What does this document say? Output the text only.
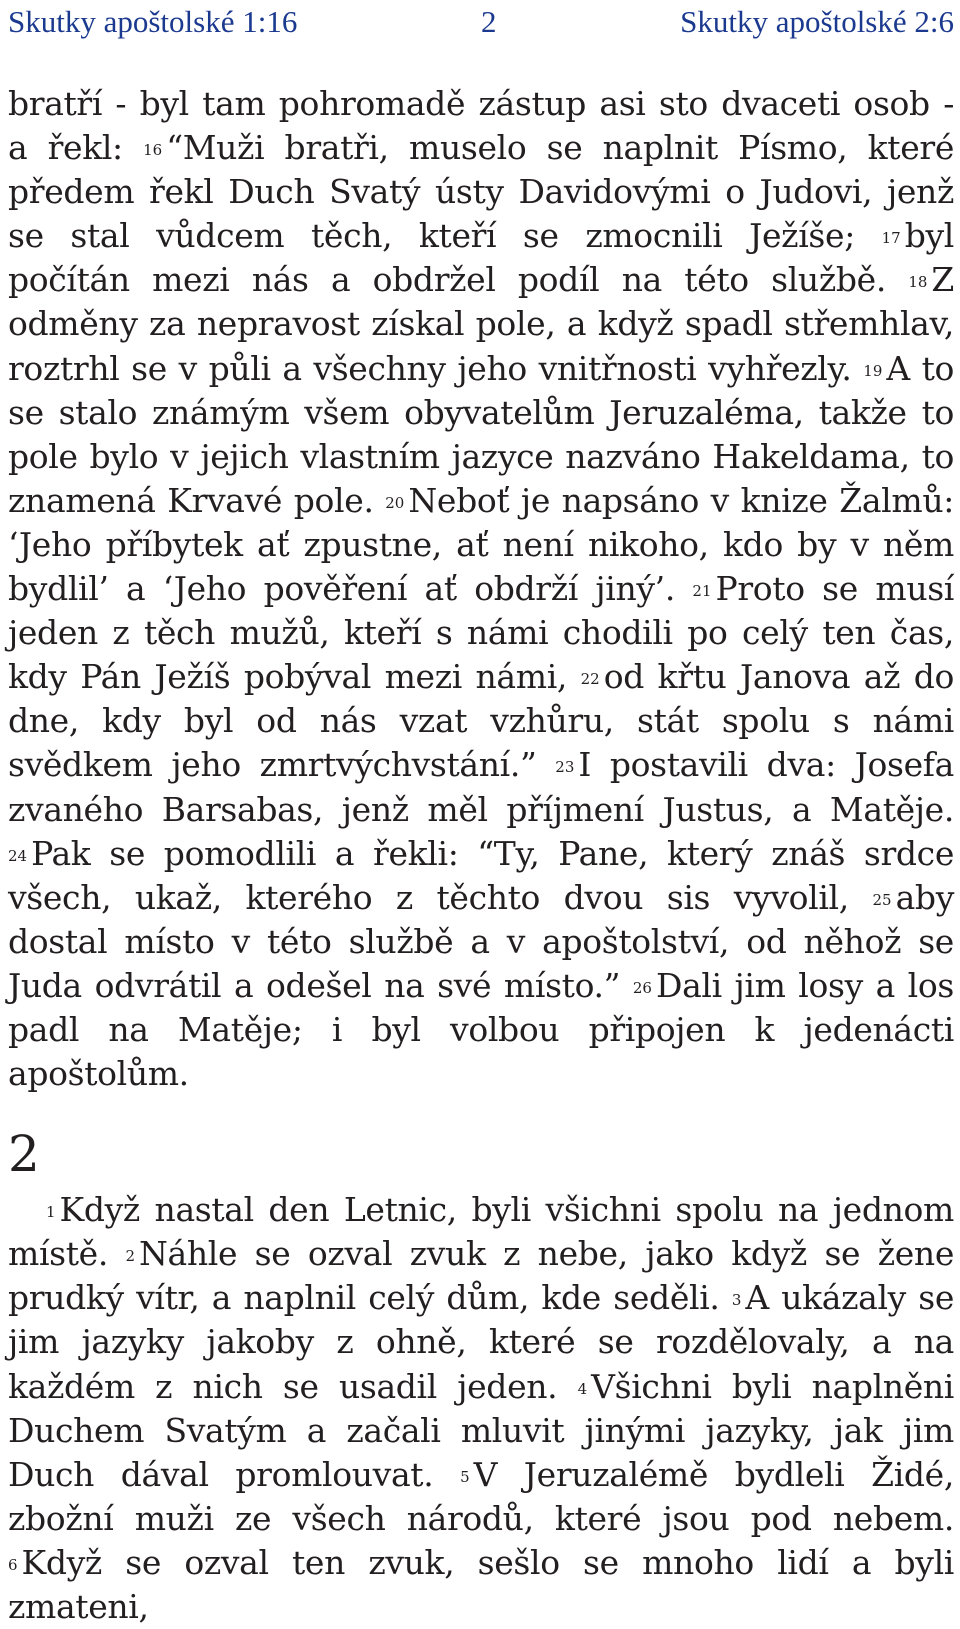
Skutky apoštolské 1:16	2	Skutky apoštolské 2:6

bratří - byl tam pohromadě zástup asi sto dvaceti osob - a řekl: $^{16}$ “Muži bratři, muselo se naplnit Písmo, které předem řekl Duch Svatý ústy Davidovými o Judovi, jenž se stal vůdcem těch, kteří se zmocnili Ježíše; $^{17}$ byl počítán mezi nás a obdržel podíl na této službě. $^{18}$ Z odměny za nepravost získal pole, a když spadl střemhlav, roztrhl se v půli a všechny jeho vnitřnosti vyhřezly. $^{19}$ A to se stalo známým všem obyvatelům Jeruzaléma, takže to pole bylo v jejich vlastním jazyce nazváno Hakeldama, to znamená Krvavé pole. $^{20}$ Neboť je napsáno v knize Žalmů: ‘Jeho příbytek ať zpustne, ať není nikoho, kdo by v něm bydlil’ a ‘Jeho pověření ať obdrží jiný’. $^{21}$ Proto se musí jeden z těch mužů, kteří s námi chodili po celý ten čas, kdy Pán Ježíš pobýval mezi námi, $^{22}$ od křtu Janova až do dne, kdy byl od nás vzat vzhůru, stát spolu s námi svědkem jeho zmrtvýchvstání.” $^{23}$ I postavili dva: Josefa zvaného Barsabas, jenž měl příjmení Justus, a Matěje. $^{24}$ Pak se pomodlili a řekli: “Ty, Pane, který znáš srdce všech, ukaž, kterého z těchto dvou sis vyvolil, $^{25}$ aby dostal místo v této službě a v apoštolství, od něhož se Juda odvrátil a odešel na své místo.” $^{26}$ Dali jim losy a los padl na Matěje; i byl volbou připojen k jedenácti apoštolům.

2

$^1$ Když nastal den Letnic, byli všichni spolu na jednom místě. $^2$ Náhle se ozval zvuk z nebe, jako když se žene prudký vítr, a naplnil celý dům, kde seděli. $^3$ A ukázaly se jim jazyky jakoby z ohně, které se rozdělovaly, a na každém z nich se usadil jeden. $^4$ Všichni byli naplněni Duchem Svatým a začali mluvit jinými jazyky, jak jim Duch dával promlouvat. $^5$ V Jeruzalémě bydleli Židé, zbožní muži ze všech národů, které jsou pod nebem. $^6$ Když se ozval ten zvuk, sešlo se mnoho lidí a byli zmateni,
